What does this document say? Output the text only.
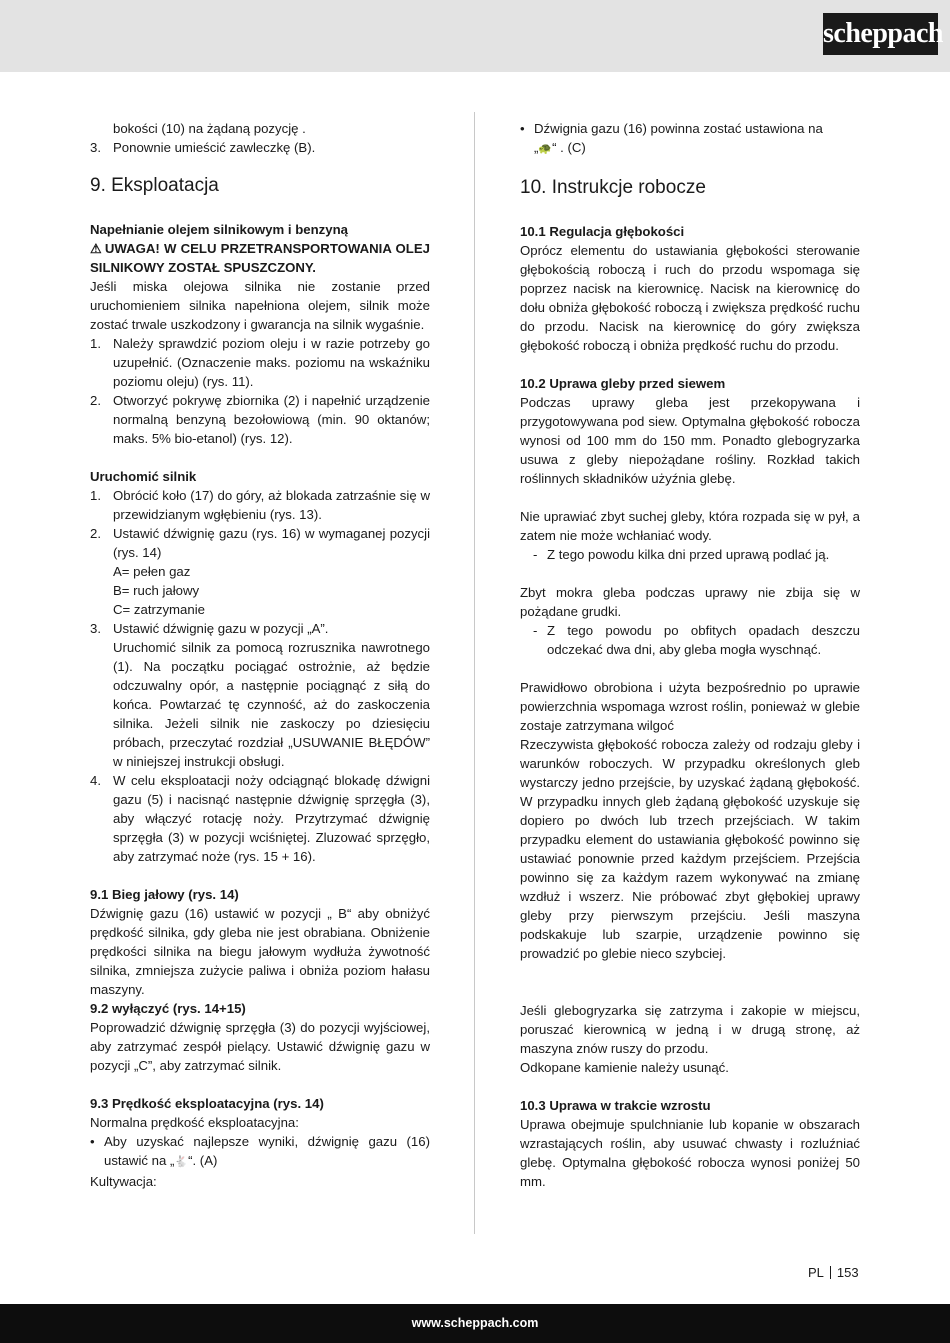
scheppach
bokości (10) na żądaną pozycję .
3. Ponownie umieścić zawleczkę (B).
9. Eksploatacja
Napełnianie olejem silnikowym i benzyną
⚠ UWAGA! W CELU PRZETRANSPORTOWANIA OLEJ SILNIKOWY ZOSTAŁ SPUSZCZONY.

Jeśli miska olejowa silnika nie zostanie przed uruchomieniem silnika napełniona olejem, silnik może zostać trwale uszkodzony i gwarancja na silnik wygaśnie.

1. Należy sprawdzić poziom oleju i w razie potrzeby go uzupełnić. (Oznaczenie maks. poziomu na wskaźniku poziomu oleju) (rys. 11).
2. Otworzyć pokrywę zbiornika (2) i napełnić urządzenie normalną benzyną bezołowiową (min. 90 oktanów; maks. 5% bio-etanol) (rys. 12).
Uruchomić silnik
1. Obrócić koło (17) do góry, aż blokada zatrzaśnie się w przewidzianym wgłębieniu (rys. 13).
2. Ustawić dźwignię gazu (rys. 16) w wymaganej pozycji (rys. 14)
A= pełen gaz
B= ruch jałowy
C= zatrzymanie
3. Ustawić dźwignię gazu w pozycji „A”.
Uruchomić silnik za pomocą rozrusznika nawrotnego (1). Na początku pociągać ostrożnie, aż będzie odczuwalny opór, a następnie pociągnąć z siłą do końca. Powtarzać tę czynność, aż do zaskoczenia silnika. Jeżeli silnik nie zaskoczy po dziesięciu próbach, przeczytać rozdział „USUWANIE BŁĘDÓW” w niniejszej instrukcji obsługi.
4. W celu eksploatacji noży odciągnąć blokadę dźwigni gazu (5) i nacisnąć następnie dźwignię sprzęgła (3), aby włączyć rotację noży. Przytrzymać dźwignię sprzęgła (3) w pozycji wciśniętej. Zluzować sprzęgło, aby zatrzymać noże (rys. 15 + 16).
9.1 Bieg jałowy (rys. 14)

Dźwignię gazu (16) ustawić w pozycji „ B“ aby obniżyć prędkość silnika, gdy gleba nie jest obrabiana. Obniżenie prędkości silnika na biegu jałowym wydłuża żywotność silnika, zmniejsza zużycie paliwa i obniża poziom hałasu maszyny.

9.2 wyłączyć (rys. 14+15)

Poprowadzić dźwignię sprzęgła (3) do pozycji wyjściowej, aby zatrzymać zespół pielący. Ustawić dźwignię gazu w pozycji „C”, aby zatrzymać silnik.

9.3 Prędkość eksploatacyjna (rys. 14)
Normalna prędkość eksploatacyjna:
• Aby uzyskać najlepsze wyniki, dźwignię gazu (16) ustawić na „🐇“. (A)
Kultywacja:
• Dźwignia gazu (16) powinna zostać ustawiona na
„🐢“ . (C)
10. Instrukcje robocze
10.1 Regulacja głębokości

Oprócz elementu do ustawiania głębokości sterowanie głębokością roboczą i ruch do przodu wspomaga się poprzez nacisk na kierownicę. Nacisk na kierownicę do dołu obniża głębokość roboczą i zwiększa prędkość ruchu do przodu. Nacisk na kierownicę do góry zwiększa głębokość roboczą i obniża prędkość ruchu do przodu.

10.2 Uprawa gleby przed siewem

Podczas uprawy gleba jest przekopywana i przygotowywana pod siew. Optymalna głębokość robocza wynosi od 100 mm do 150 mm. Ponadto glebogryzarka usuwa z gleby niepożądane rośliny. Rozkład takich roślinnych składników użyźnia glebę.

Nie uprawiać zbyt suchej gleby, która rozpada się w pył, a zatem nie może wchłaniać wody.

- Z tego powodu kilka dni przed uprawą podlać ją.

Zbyt mokra gleba podczas uprawy nie zbija się w pożądane grudki.

- Z tego powodu po obfitych opadach deszczu odczekać dwa dni, aby gleba mogła wyschnąć.

Prawidłowo obrobiona i użyta bezpośrednio po uprawie powierzchnia wspomaga wzrost roślin, ponieważ w glebie zostaje zatrzymana wilgoć

Rzeczywista głębokość robocza zależy od rodzaju gleby i warunków roboczych. W przypadku określonych gleb wystarczy jedno przejście, by uzyskać żądaną głębokość. W przypadku innych gleb żądaną głębokość uzyskuje się dopiero po dwóch lub trzech przejściach. W takim przypadku element do ustawiania głębokość powinno się ustawiać ponownie przed każdym przejściem. Przejścia powinno się za każdym razem wykonywać na zmianę wzdłuż i wszerz. Nie próbować zbyt głębokiej uprawy gleby przy pierwszym przejściu. Jeśli maszyna podskakuje lub szarpie, urządzenie powinno się prowadzić po glebie nieco szybciej.

Jeśli glebogryzarka się zatrzyma i zakopie w miejscu, poruszać kierownicą w jedną i w drugą stronę, aż maszyna znów ruszy do przodu.

Odkopane kamienie należy usunąć.

10.3 Uprawa w trakcie wzrostu

Uprawa obejmuje spulchnianie lub kopanie w obszarach wzrastających roślin, aby usuwać chwasty i rozluźniać glebę. Optymalna głębokość robocza wynosi poniżej 50 mm.

PL 153
www.scheppach.com
